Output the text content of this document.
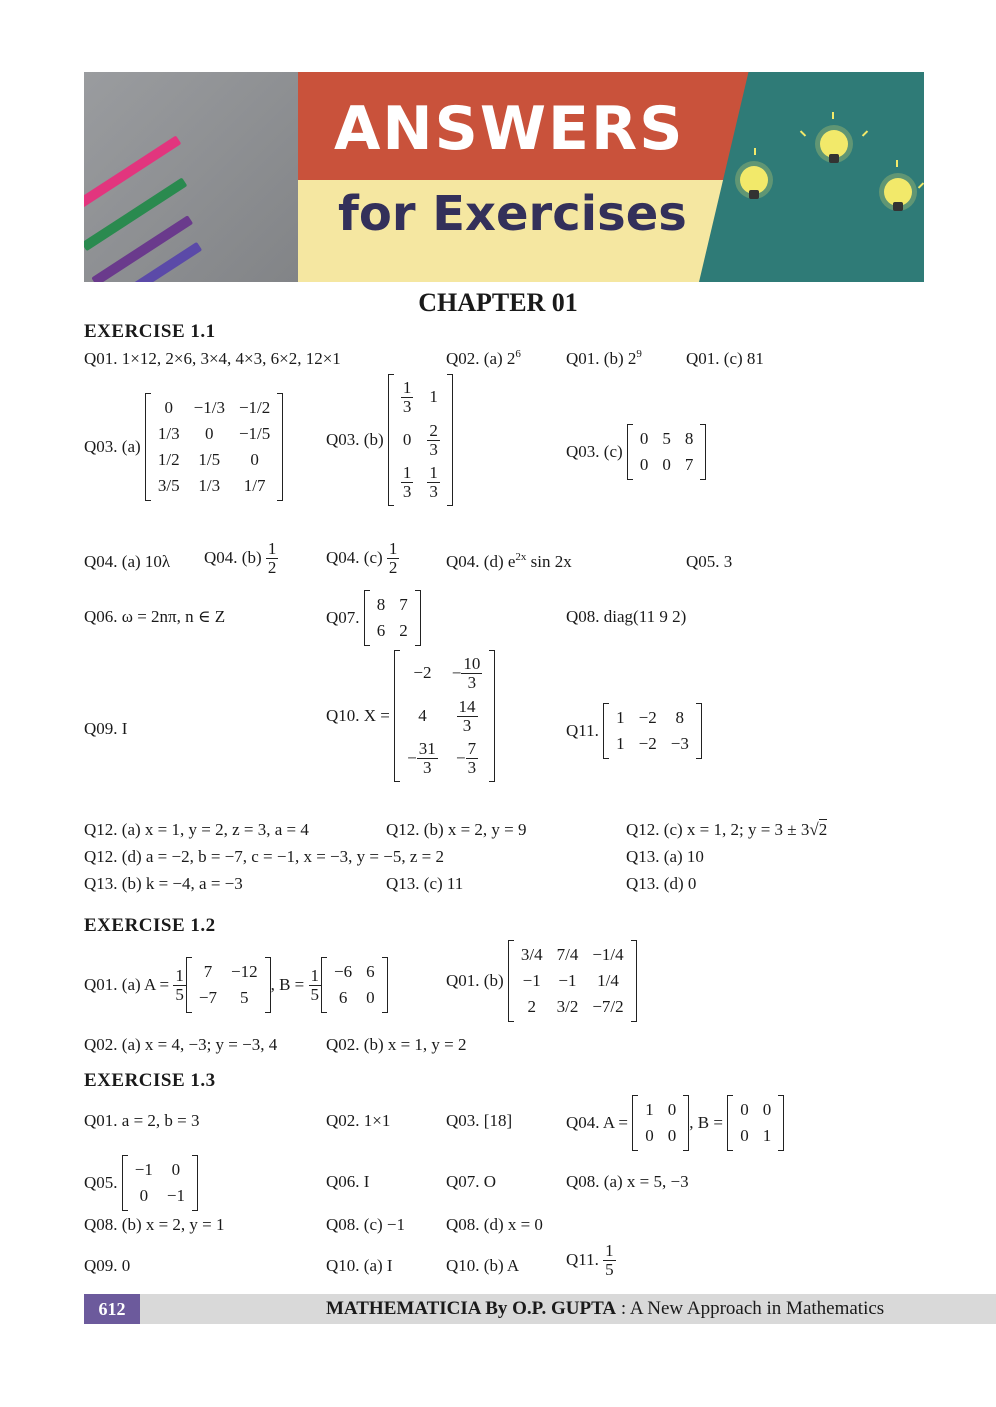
ANSWERS
for Exercises
CHAPTER 01
EXERCISE 1.1
Q01. 1×12, 2×6, 3×4, 4×3, 6×2, 12×1	Q02. (a) $2^6$	Q01. (b) $2^9$	Q01. (c) 81
Q03. (a)
0	−1/3	−1/2
1/3	0	−1/5
1/2	1/5	0
3/5	1/3	1/7
Q03. (b)
$\frac{1}{3}$	1
0	$\frac{2}{3}$

$\frac{1}{3}$	$\frac{1}{3}$
Q03. (c)
0	5	8
0	0	7
Q04. (a) 10λ Q04. $(b) \frac{1}{2}$	Q04. $(c) \frac{1}{2}$	Q04. (d) $e^{2x}$ sin 2x	Q05. 3
Q06. ω = 2nπ, n ∈ Z	Q07.
8	7
6	2
Q08. diag(11 9 2)
Q09. I
Q10. X =
−2	− $\frac{10}{3}$

4	$\frac{14}{3}$

− $\frac{31}{3}$	− $\frac{7}{3}$
Q11.
1	−2	8
1	−2	−3
Q12. (a) x = 1, y = 2, z = 3, a = 4	Q12. (b) x = 2, y = 9	Q12. (c) x = 1, 2; y = 3 ± 3√2
Q12. (d) a = −2, b = −7, c = −1, x = −3, y = −5, z = 2	Q13. (a) 10
Q13. (b) k = −4, a = −3	Q13. (c) 11	Q13. (d) 0
EXERCISE 1.2
Q01. (a) $A = \frac{1}{5} 7$	−12
−7	5
, $B = \frac{1}{5} -6$	6
6	0
Q01. (b)
3/4	7/4	−1/4
−1	−1	1/4
2	3/2	−7/2
Q02. (a) x = 4, −3; y = −3, 4	Q02. (b) x = 1, y = 2
EXERCISE 1.3
Q01. a = 2, b = 3	Q02. 1×1	Q03. [18]	Q04. A =
1	0
0	0
, B =
0	0
0	1
Q05.
−1	0
0	−1
Q06. I	Q07. O	Q08. (a) x = 5, −3
Q08. (b) x = 2, y = 1	Q08. (c) −1 Q08. (d) x = 0
Q09. 0	Q10. (a) I	Q10. (b) A	Q11. $\frac{1}{5}$
612	MATHEMATICIA By O.P. GUPTA : A New Approach in Mathematics
